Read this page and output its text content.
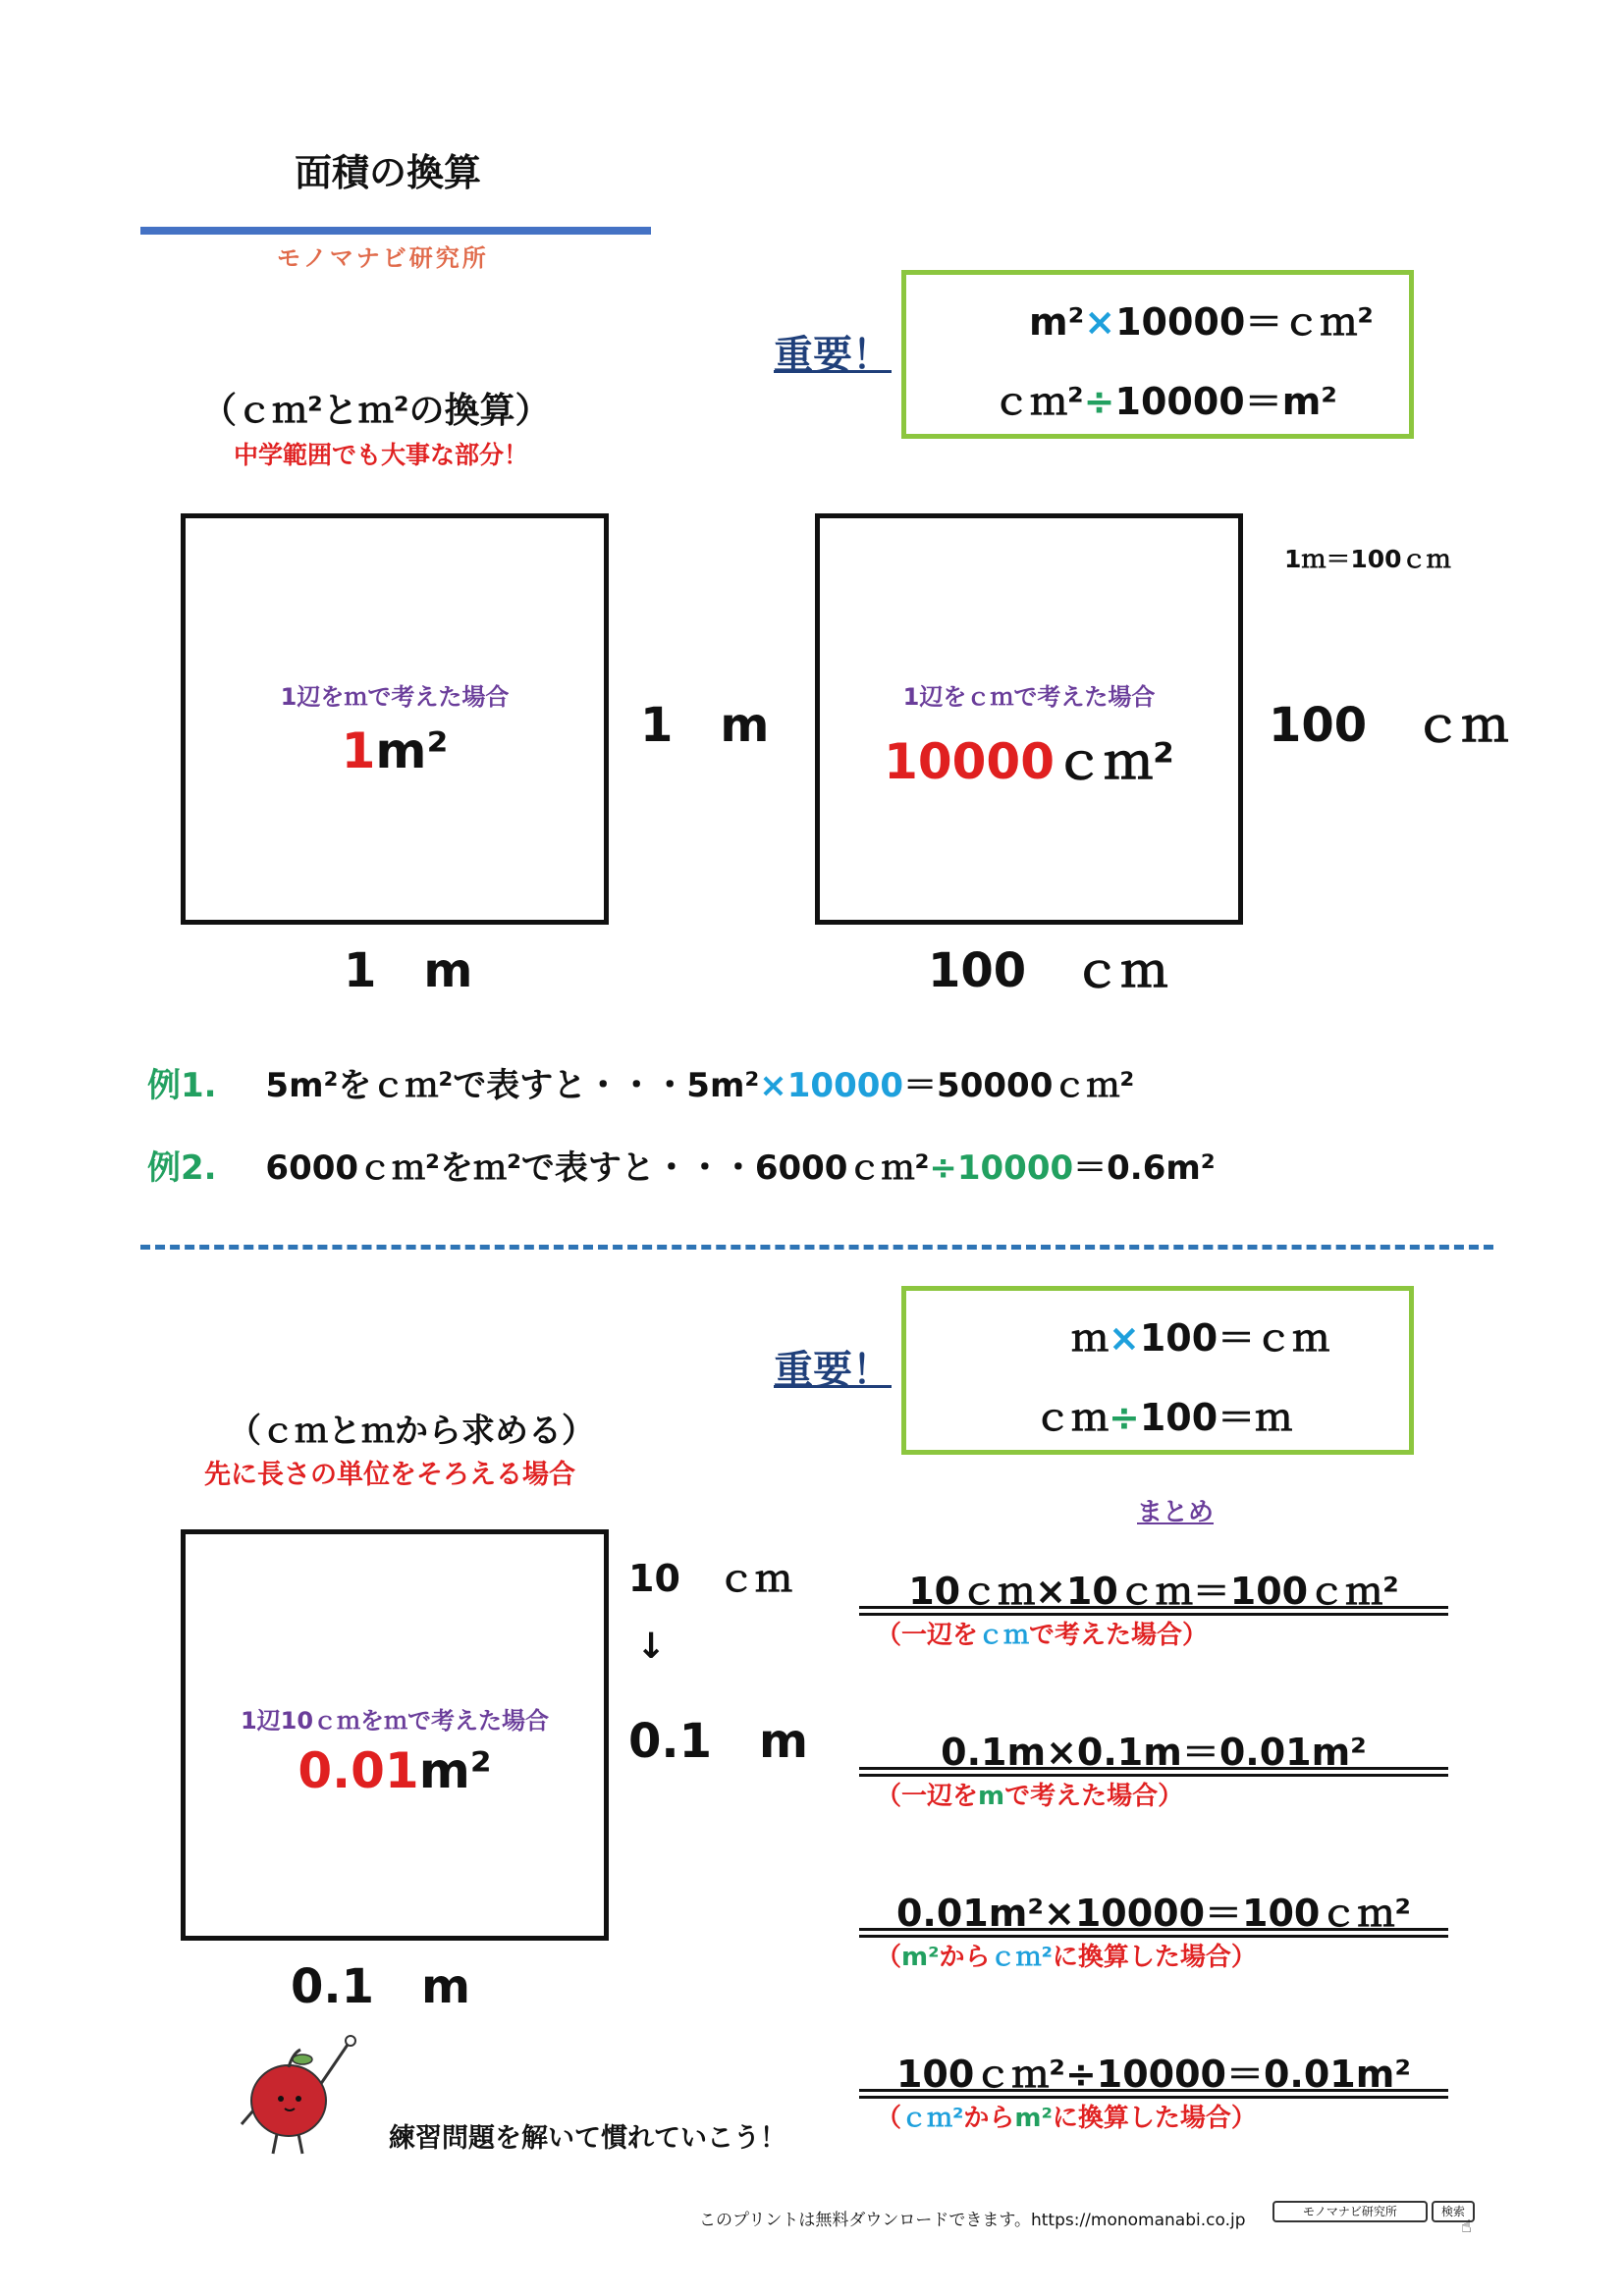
面積の換算
モノマナビ研究所
重要！
m²×10000＝ｃｍ²
ｃｍ²÷10000＝m²
（ｃｍ²とｍ²の換算）
中学範囲でも大事な部分！
1ｍ＝100ｃｍ
1辺をｍで考えた場合
1m²	1　m
1　m
1辺をｃｍで考えた場合
10000ｃｍ²
100　ｃｍ
100　ｃｍ
例1. 5m²をｃｍ²で表すと・・・5m²×10000＝50000ｃｍ²
例2. 6000ｃｍ²をｍ²で表すと・・・6000ｃｍ²÷10000＝0.6m²
重要！
ｍ×100＝ｃｍ
ｃｍ÷100＝ｍ
（ｃｍとｍから求める）
先に長さの単位をそろえる場合
1辺10ｃｍをｍで考えた場合
0.01m²
0.1　m
10　ｃｍ
↓
0.1　m
まとめ
10ｃｍ×10ｃｍ＝100ｃｍ²
（一辺をｃｍで考えた場合）
0.1m×0.1m＝0.01m²
（一辺をmで考えた場合）
0.01m²×10000＝100ｃｍ²
（m²からｃｍ²に換算した場合）
100ｃｍ²÷10000＝0.01m²
（ｃｍ²からm²に換算した場合）
練習問題を解いて慣れていこう！
このプリントは無料ダウンロードできます。https://monomanabi.co.jp	モノマナビ研究所	検索
☝
